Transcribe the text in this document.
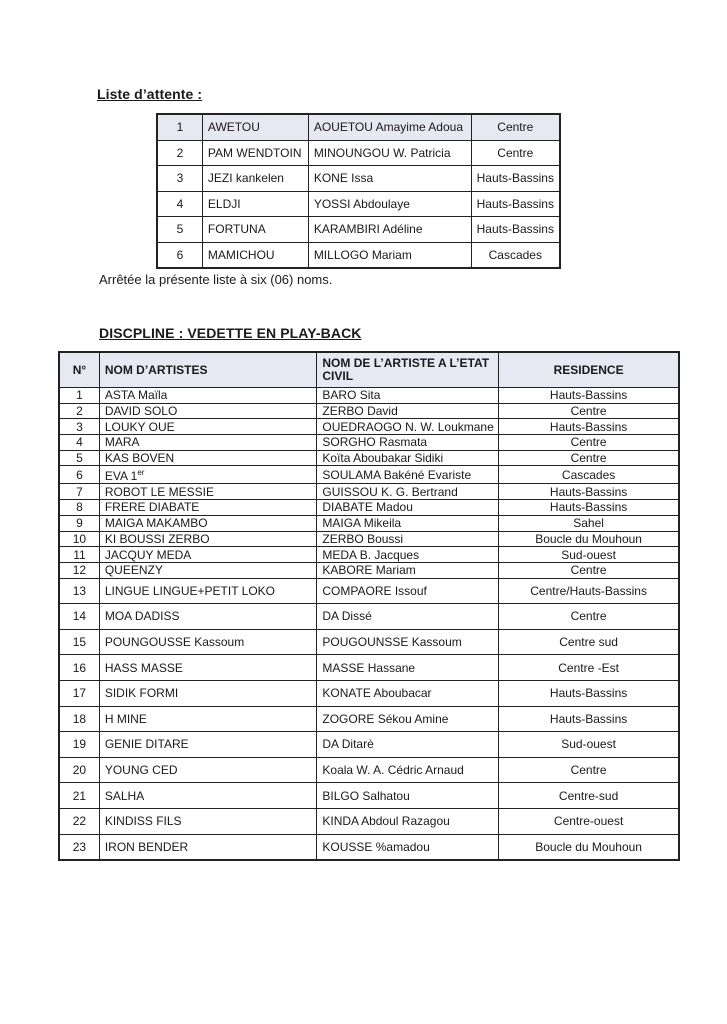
Liste d’attente :
1	AWETOU	AOUETOU Amayime Adoua	Centre
2	PAM WENDTOIN	MINOUNGOU W. Patricia	Centre
3	JEZI kankelen	KONE Issa	Hauts-Bassins
4	ELDJI	YOSSI Abdoulaye	Hauts-Bassins
5	FORTUNA	KARAMBIRI Adéline	Hauts-Bassins
6	MAMICHOU	MILLOGO Mariam	Cascades
Arrêtée la présente liste à six (06) noms.
DISCPLINE : VEDETTE EN PLAY-BACK
N°	NOM D’ARTISTES	NOM DE L’ARTISTE A L’ETAT CIVIL	RESIDENCE
1	ASTA Maïla	BARO Sita	Hauts-Bassins
2	DAVID SOLO	ZERBO David	Centre
3	LOUKY OUE	OUEDRAOGO N. W. Loukmane	Hauts-Bassins
4	MARA	SORGHO Rasmata	Centre
5	KAS BOVEN	Koïta Aboubakar Sidiki	Centre
6	EVA 1er	SOULAMA Bakéné Evariste	Cascades
7	ROBOT LE MESSIE	GUISSOU K. G. Bertrand	Hauts-Bassins
8	FRERE DIABATE	DIABATE Madou	Hauts-Bassins
9	MAIGA MAKAMBO	MAIGA Mikeila	Sahel
10	KI BOUSSI ZERBO	ZERBO Boussi	Boucle du Mouhoun
11	JACQUY MEDA	MEDA B. Jacques	Sud-ouest
12	QUEENZY	KABORE Mariam	Centre
13	LINGUE LINGUE+PETIT LOKO	COMPAORE Issouf	Centre/Hauts-Bassins
14	MOA DADISS	DA Dissé	Centre
15	POUNGOUSSE Kassoum	POUGOUNSSE Kassoum	Centre sud
16	HASS MASSE	MASSE Hassane	Centre -Est
17	SIDIK FORMI	KONATE Aboubacar	Hauts-Bassins
18	H MINE	ZOGORE Sékou Amine	Hauts-Bassins
19	GENIE DITARE	DA Ditarè	Sud-ouest
20	YOUNG CED	Koala W. A. Cédric Arnaud	Centre
21	SALHA	BILGO Salhatou	Centre-sud
22	KINDISS FILS	KINDA Abdoul Razagou	Centre-ouest
23	IRON BENDER	KOUSSE %amadou	Boucle du Mouhoun
